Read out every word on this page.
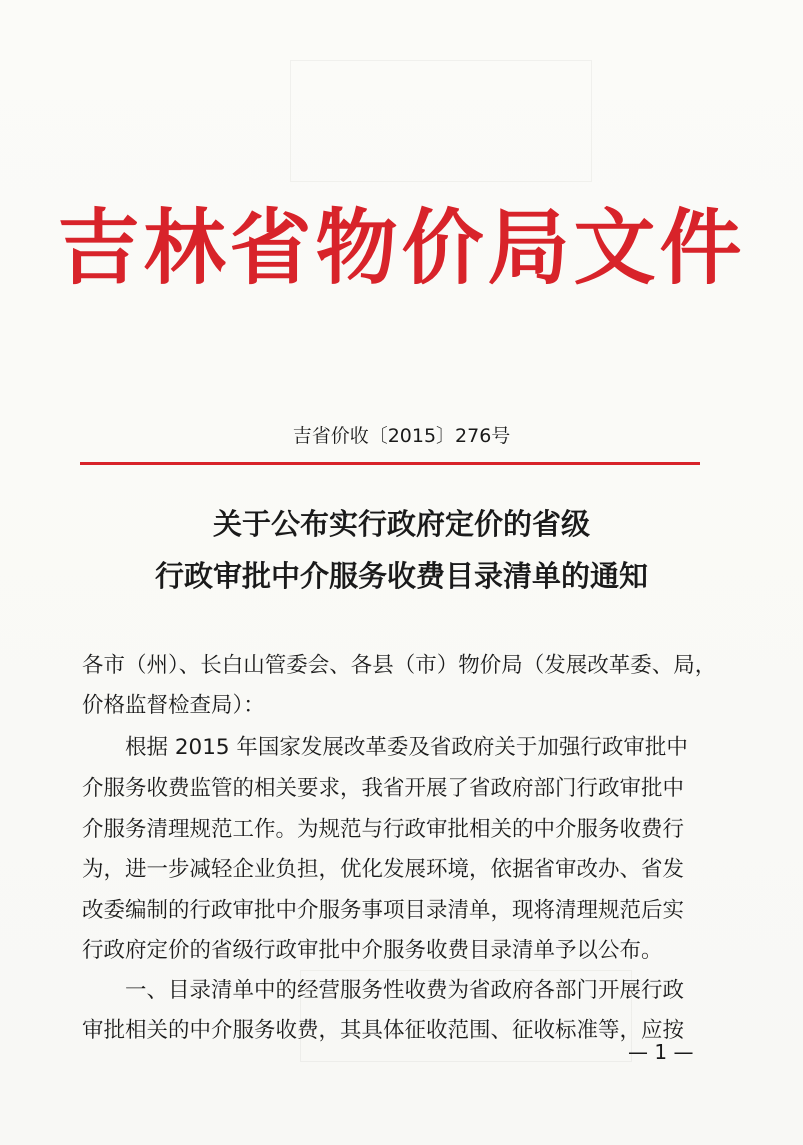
吉林省物价局文件
吉省价收〔2015〕276号
关于公布实行政府定价的省级
行政审批中介服务收费目录清单的通知
各市（州）、长白山管委会、各县（市）物价局（发展改革委、局，
价格监督检查局）：
　　根据 2015 年国家发展改革委及省政府关于加强行政审批中
介服务收费监管的相关要求，我省开展了省政府部门行政审批中
介服务清理规范工作。为规范与行政审批相关的中介服务收费行
为，进一步减轻企业负担，优化发展环境，依据省审改办、省发
改委编制的行政审批中介服务事项目录清单，现将清理规范后实
行政府定价的省级行政审批中介服务收费目录清单予以公布。
　　一、目录清单中的经营服务性收费为省政府各部门开展行政
审批相关的中介服务收费，其具体征收范围、征收标准等，应按
— 1 —
